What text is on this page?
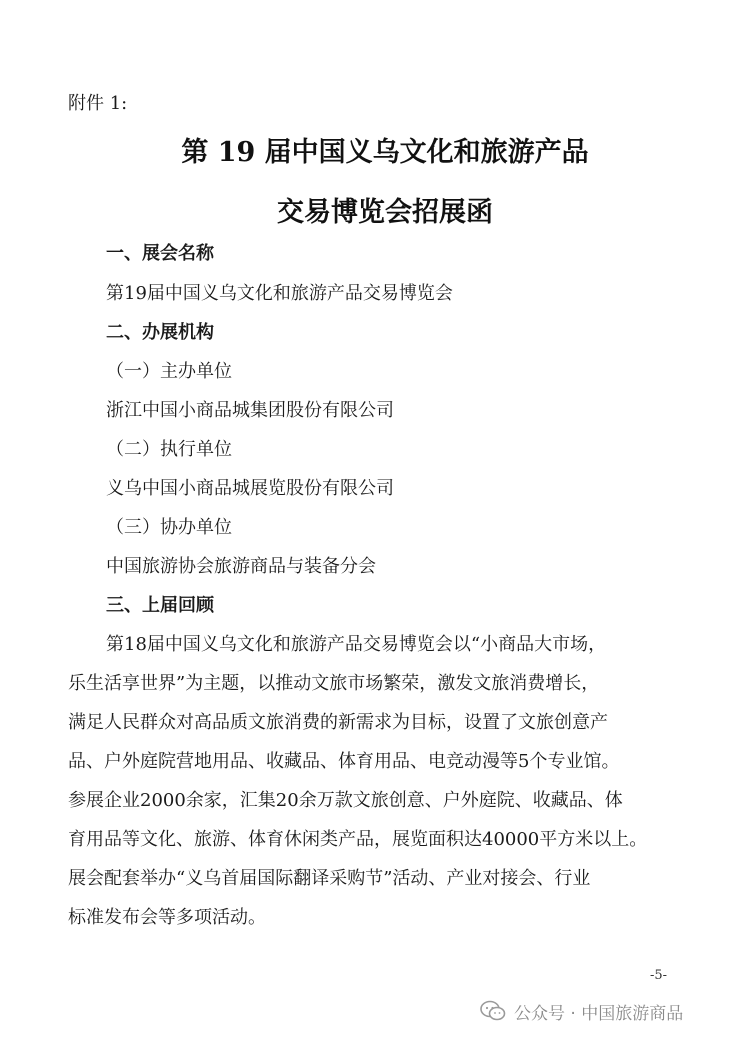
附件 1:
第 19 届中国义乌文化和旅游产品
交易博览会招展函
一、展会名称
第19届中国义乌文化和旅游产品交易博览会
二、办展机构
（一）主办单位
浙江中国小商品城集团股份有限公司
（二）执行单位
义乌中国小商品城展览股份有限公司
（三）协办单位
中国旅游协会旅游商品与装备分会
三、上届回顾
第18届中国义乌文化和旅游产品交易博览会以“小商品大市场，
乐生活享世界”为主题，以推动文旅市场繁荣，激发文旅消费增长，
满足人民群众对高品质文旅消费的新需求为目标，设置了文旅创意产
品、户外庭院营地用品、收藏品、体育用品、电竞动漫等5个专业馆。
参展企业2000余家，汇集20余万款文旅创意、户外庭院、收藏品、体
育用品等文化、旅游、体育休闲类产品，展览面积达40000平方米以上。
展会配套举办“义乌首届国际翻译采购节”活动、产业对接会、行业
标准发布会等多项活动。
-5-
公众号 · 中国旅游商品
